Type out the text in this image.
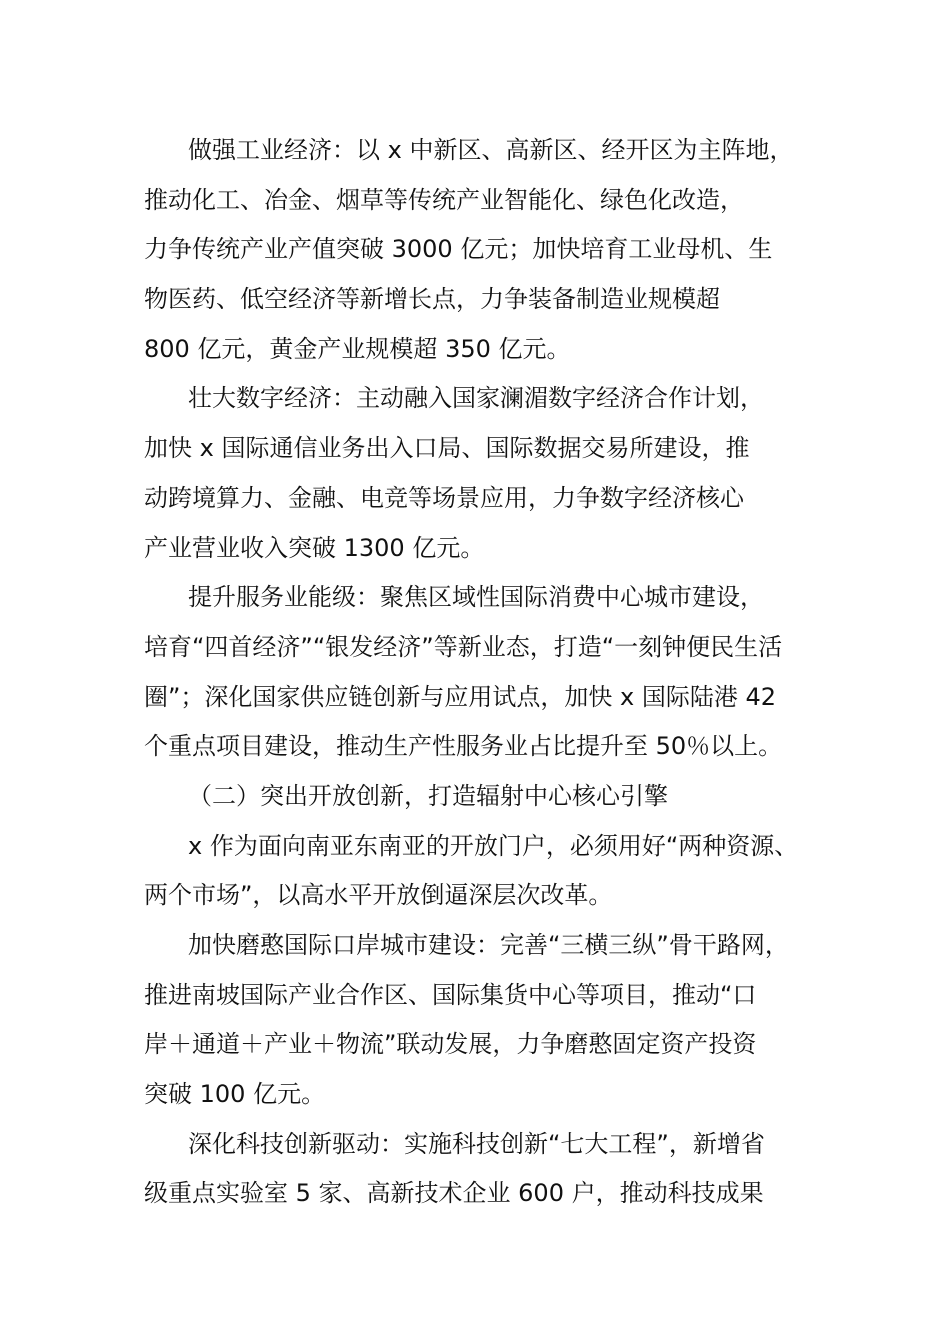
做强工业经济：以 x 中新区、高新区、经开区为主阵地，
推动化工、冶金、烟草等传统产业智能化、绿色化改造，
力争传统产业产值突破 3000 亿元；加快培育工业母机、生
物医药、低空经济等新增长点，力争装备制造业规模超
800 亿元，黄金产业规模超 350 亿元。
壮大数字经济：主动融入国家澜湄数字经济合作计划，
加快 x 国际通信业务出入口局、国际数据交易所建设，推
动跨境算力、金融、电竞等场景应用，力争数字经济核心
产业营业收入突破 1300 亿元。
提升服务业能级：聚焦区域性国际消费中心城市建设，
培育“四首经济”“银发经济”等新业态，打造“一刻钟便民生活
圈”；深化国家供应链创新与应用试点，加快 x 国际陆港 42
个重点项目建设，推动生产性服务业占比提升至 50％以上。
（二）突出开放创新，打造辐射中心核心引擎
x 作为面向南亚东南亚的开放门户，必须用好“两种资源、
两个市场”，以高水平开放倒逼深层次改革。
加快磨憨国际口岸城市建设：完善“三横三纵”骨干路网，
推进南坡国际产业合作区、国际集货中心等项目，推动“口
岸＋通道＋产业＋物流”联动发展，力争磨憨固定资产投资
突破 100 亿元。
深化科技创新驱动：实施科技创新“七大工程”，新增省
级重点实验室 5 家、高新技术企业 600 户，推动科技成果
